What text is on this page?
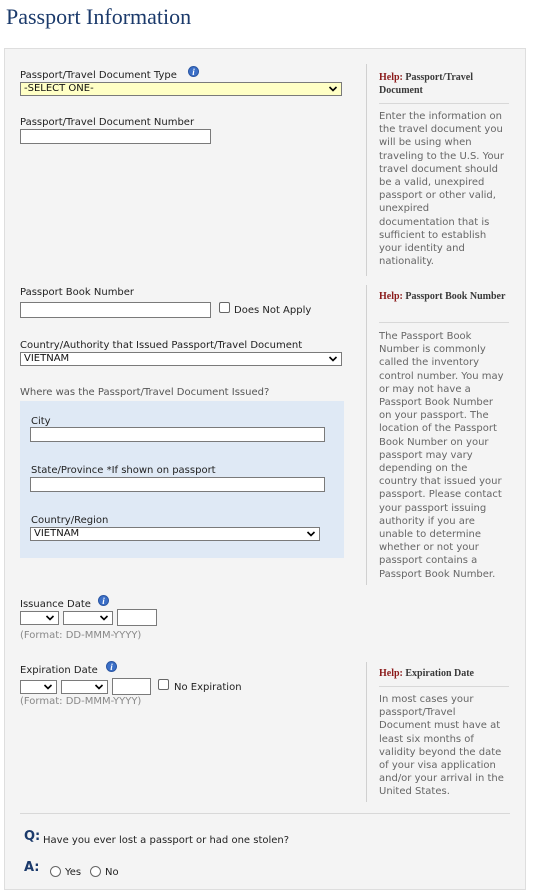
Passport Information
Passport/Travel Document Type	i
-SELECT ONE-
Passport/Travel Document Number
Passport Book Number
Does Not Apply
Country/Authority that Issued Passport/Travel Document
VIETNAM
Where was the Passport/Travel Document Issued?
City
State/Province *If shown on passport
Country/Region
VIETNAM
Issuance Date	i
(Format: DD-MMM-YYYY)
Expiration Date	i
No Expiration
(Format: DD-MMM-YYYY)
Help: Passport/Travel Document
Enter the information on
the travel document you
will be using when
traveling to the U.S. Your
travel document should
be a valid, unexpired
passport or other valid,
unexpired
documentation that is
sufficient to establish
your identity and
nationality.
Help: Passport Book Number
The Passport Book
Number is commonly
called the inventory
control number. You may
or may not have a
Passport Book Number
on your passport. The
location of the Passport
Book Number on your
passport may vary
depending on the
country that issued your
passport. Please contact
your passport issuing
authority if you are
unable to determine
whether or not your
passport contains a
Passport Book Number.
Help: Expiration Date
In most cases your
passport/Travel
Document must have at
least six months of
validity beyond the date
of your visa application
and/or your arrival in the
United States.
Q: Have you ever lost a passport or had one stolen?
A:	Yes No
